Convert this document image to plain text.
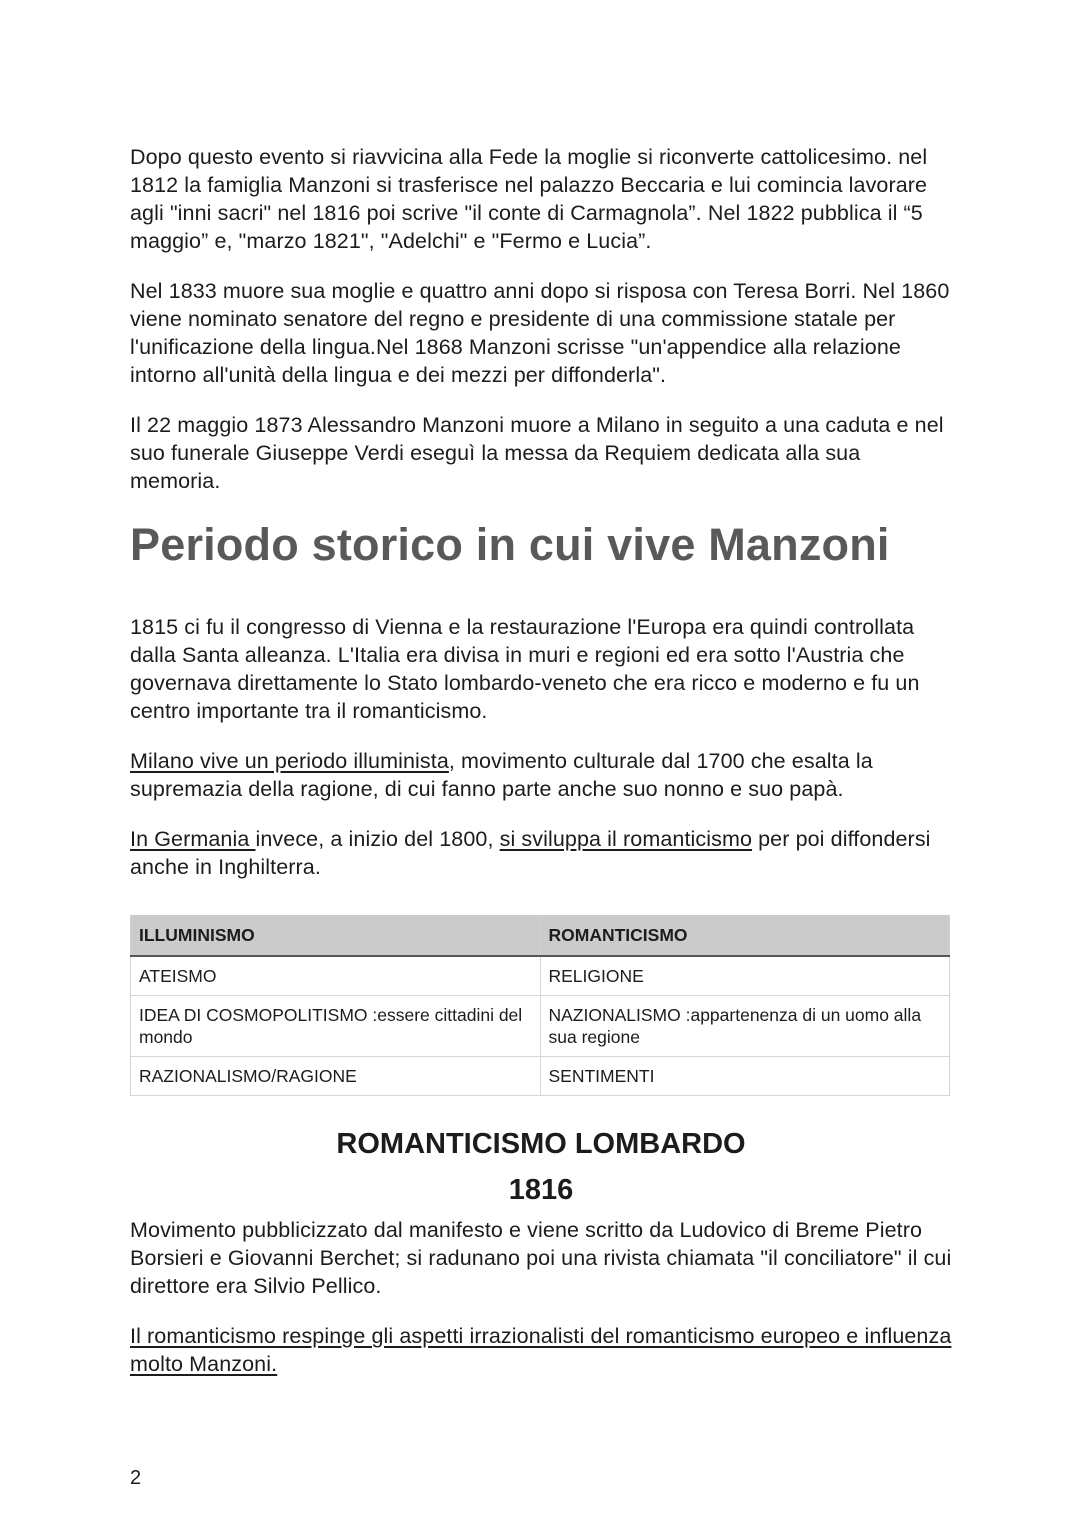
Dopo questo evento si riavvicina alla Fede la moglie si riconverte cattolicesimo. nel 1812 la famiglia Manzoni si trasferisce nel palazzo Beccaria e lui comincia lavorare agli "inni sacri" nel 1816 poi scrive "il conte di Carmagnola”. Nel 1822 pubblica il “5 maggio” e, "marzo 1821", "Adelchi" e "Fermo e Lucia”.

Nel 1833 muore sua moglie e quattro anni dopo si risposa con Teresa Borri. Nel 1860 viene nominato senatore del regno e presidente di una commissione statale per l'unificazione della lingua.Nel 1868 Manzoni scrisse "un'appendice alla relazione intorno all'unità della lingua e dei mezzi per diffonderla".

Il 22 maggio 1873 Alessandro Manzoni muore a Milano in seguito a una caduta e nel suo funerale Giuseppe Verdi eseguì la messa da Requiem dedicata alla sua memoria.

Periodo storico in cui vive Manzoni

1815 ci fu il congresso di Vienna e la restaurazione l'Europa era quindi controllata dalla Santa alleanza. L'Italia era divisa in muri e regioni ed era sotto l'Austria che governava direttamente lo Stato lombardo-veneto che era ricco e moderno e fu un centro importante tra il romanticismo.

Milano vive un periodo illuminista, movimento culturale dal 1700 che esalta la supremazia della ragione, di cui fanno parte anche suo nonno e suo papà.

In Germania invece, a inizio del 1800, si sviluppa il romanticismo per poi diffondersi anche in Inghilterra.

ILLUMINISMO	ROMANTICISMO
ATEISMO	RELIGIONE
IDEA DI COSMOPOLITISMO :essere cittadini del mondo	NAZIONALISMO :appartenenza di un uomo alla sua regione
RAZIONALISMO/RAGIONE	SENTIMENTI
ROMANTICISMO LOMBARDO
1816

Movimento pubblicizzato dal manifesto e viene scritto da Ludovico di Breme Pietro Borsieri e Giovanni Berchet; si radunano poi una rivista chiamata "il conciliatore" il cui direttore era Silvio Pellico.

Il romanticismo respinge gli aspetti irrazionalisti del romanticismo europeo e influenza molto Manzoni.

2
